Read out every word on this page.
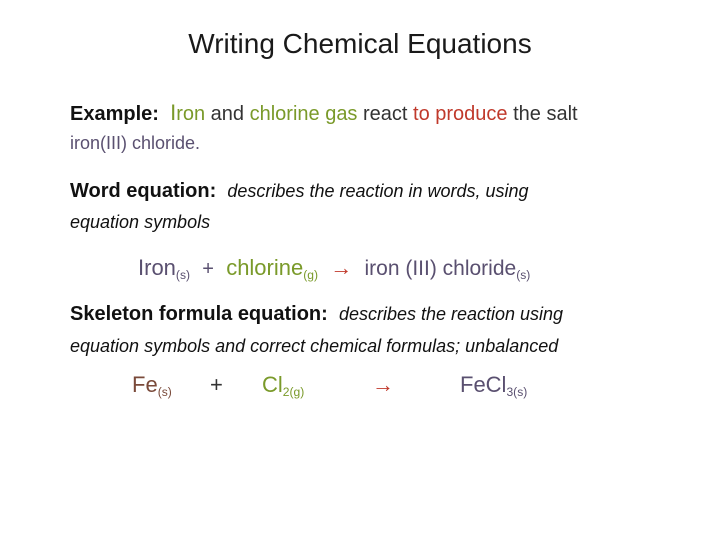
Writing Chemical Equations
Example: Iron and chlorine gas react to produce the salt
iron(III) chloride.
Word equation: describes the reaction in words, using
equation symbols
Iron$_{(s)}$ + chlorine$_{(g)}$ → iron (III) chloride$_{(s)}$
Skeleton formula equation: describes the reaction using
equation symbols and correct chemical formulas; unbalanced
$Fe_{(s)} + Cl_{2(g)}$	→	FeCl$_{3(s)}$
